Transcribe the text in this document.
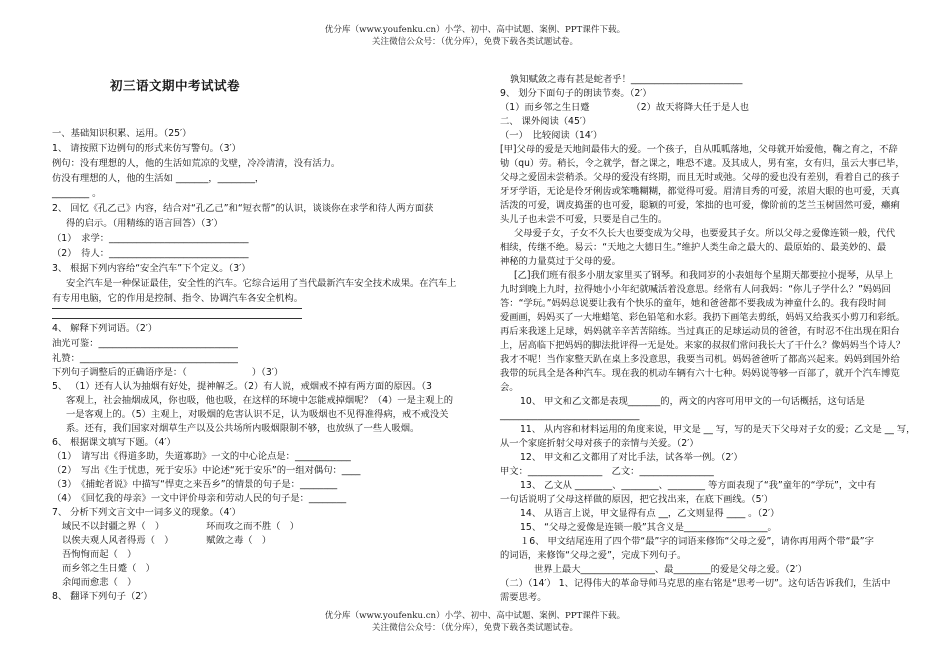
优分库（www.youfenku.cn）小学、初中、高中试题、案例、PPT课件下载。
关注微信公众号：（优分库），免费下载各类试题试卷。
初三语文期中考试试卷
一、基础知识积累、运用。（25′）
1、 请按照下边例句的形式来仿写警句。（3′）
例句：没有理想的人，他的生活如荒凉的戈壁，冷冷清清，没有活力。
仿没有理想的人，他的生活如 _______，________，
________ 。
2、 回忆《孔乙己》内容，结合对“孔乙己”和“短衣帮”的认识，谈谈你在求学和待人两方面获
得的启示。（用精练的语言回答）（3′）
（1）　求学：______________________________
（2）　待人：______________________________
3、 根据下列内容给“安全汽车”下个定义。（3′）
安全汽车是一种保证最佳，安全性的汽车。它综合运用了当代最新汽车安全技术成果。在汽车上
有专用电脑，它的作用是控制、指令、协调汽车各安全机构。
4、 解释下列词语。（2′）
油光可鉴：______________________________
礼赞：__________________________________
下列句子调整后的正确语序是：（　　　　　　　）（3′）
5、 （1）还有人认为抽烟有好处，提神解乏。（2）有人说，戒烟戒不掉有两方面的原因。（3
客观上，社会抽烟成风，你也吸，他也吸，在这样的环境中怎能戒掉烟呢？（4）一是主观上的
一是客观上的。（5）主观上，对吸烟的危害认识不足，认为吸烟也不见得准得病，戒不戒没关
系。还有，我们国家对烟草生产以及公共场所内吸烟限制不够，也放纵了一些人吸烟。
6、 根据课文填写下题。（4′）
（1）　请写出《得道多助，失道寡助》一文的中心论点是：____________
（2）　写出《生于忧患，死于安乐》中论述“死于安乐”的一组对偶句：____
（3）　《捕蛇者说》中描写“悍吏之来吾乡”的情景的句子是：________
（4）　《回忆我的母亲》一文中评价母亲和劳动人民的句子是：________
7、 分析下列文言文中一词多义的现象。（4′）
域民不以封疆之界（　）　　　　　环而攻之而不胜（　）
以俟夫观人风者得焉（　）　　　　赋敛之毒（　）
吾恂恂而起（　）
而乡邻之生日蹙（　）
余闻而愈悲（　）
8、 翻译下列句子（2′）
孰知赋敛之毒有甚是蛇者乎！________________________
9、 划分下面句子的朗读节奏。（2′）
（1）而乡邻之生日蹙　　　　　（2）故天将降大任于是人也
二、 课外阅读（45′）
（一）　比较阅读（14′）
[甲]父母的爱是天地间最伟大的爱。一个孩子，自从呱呱落地，父母就开始爱他，鞠之育之，不辞
劬（qu）劳。稍长，令之就学，督之课之，唯恐不逮。及其成人，男有室，女有归，虽云大事已毕，
父母之爱固未尝稍杀。父母的爱没有终期，而且无时或弛。父母的爱也没有差别，看着自己的孩子
牙牙学语，无论是伶牙俐齿或笨嘴糊糊，都觉得可爱。眉清目秀的可爱，浓眉大眼的也可爱，天真
活泼的可爱，调皮捣蛋的也可爱，聪颖的可爱，笨拙的也可爱，像阶前的芝兰玉树固然可爱，癞痢
头儿子也未尝不可爱，只要是自己生的。
父母爱子女，子女不久长大也要变成为父母，也要爱其子女。所以父母之爱像连锁一般，代代
相续，传继不绝。易云：“天地之大德日生。”维护人类生命之最大的、最原始的、最美妙的、最
神秘的力量莫过于父母的爱。
[乙]我们班有很多小朋友家里买了钢琴。和我同岁的小表姐每个星期天都要拉小提琴，从早上
九时到晚上九时，拉得她小小年纪就喊活着没意思。经常有人问我妈：“你儿子学什么？”妈妈回
答：“学玩。”妈妈总说要让我有个快乐的童年，她和爸爸都不要我成为神童什么的。我有段时间
爱画画，妈妈买了一大堆蜡笔、彩色铅笔和水彩。我扔下画笔去剪纸，妈妈又给我买小剪刀和彩纸。
再后来我迷上足球，妈妈就辛辛苦苦陪练。当过真正的足球运动员的爸爸，有时忍不住出现在阳台
上，居高临下把妈妈的脚法批评得一无是处。来家的叔叔们常问我长大了干什么？像妈妈当个诗人？
我才不呢！当作家整天趴在桌上多没意思，我要当司机。妈妈爸爸听了都高兴起来。妈妈到国外给
我带的玩具全是各种汽车。现在我的机动车辆有六十七种。妈妈说等够一百部了，就开个汽车博览
会。
10、 甲文和乙文都是表现_______的，两文的内容可用甲文的一句话概括，这句话是
______________________________
11、 从内容和材料运用的角度来说，甲文是 __ 写，写的是天下父母对子女的爱；乙文是 __ 写，
从一个家庭折射父母对孩子的亲情与关爱。（2′）
12、 甲文和乙文都用了对比手法，试各举一例。（2′）
甲文：________________　乙文：________________
13、 乙文从 ________、________、________ 等方面表现了“我”童年的“学玩”，文中有
一句话说明了父母这样做的原因，把它找出来，在底下画线。（5′）
14、 从语言上说，甲文显得有点 __，乙文则显得 ____ 。（2′）
15、 “父母之爱像是连锁一般”其含义是__________________。
１6、 甲文结尾连用了四个带“最”字的词语来修饰“父母之爱”，请你再用两个带“最”字
的词语，来修饰“父母之爱”，完成下列句子。
世界上最大________________、最________的爱是父母之爱。（2′）
（二）（14′） 1、记得伟大的革命导师马克思的座右铭是“思考一切”。这句话告诉我们，生活中
需要思考。
优分库（www.youfenku.cn）小学、初中、高中试题、案例、PPT课件下载。
关注微信公众号：（优分库），免费下载各类试题试卷。
